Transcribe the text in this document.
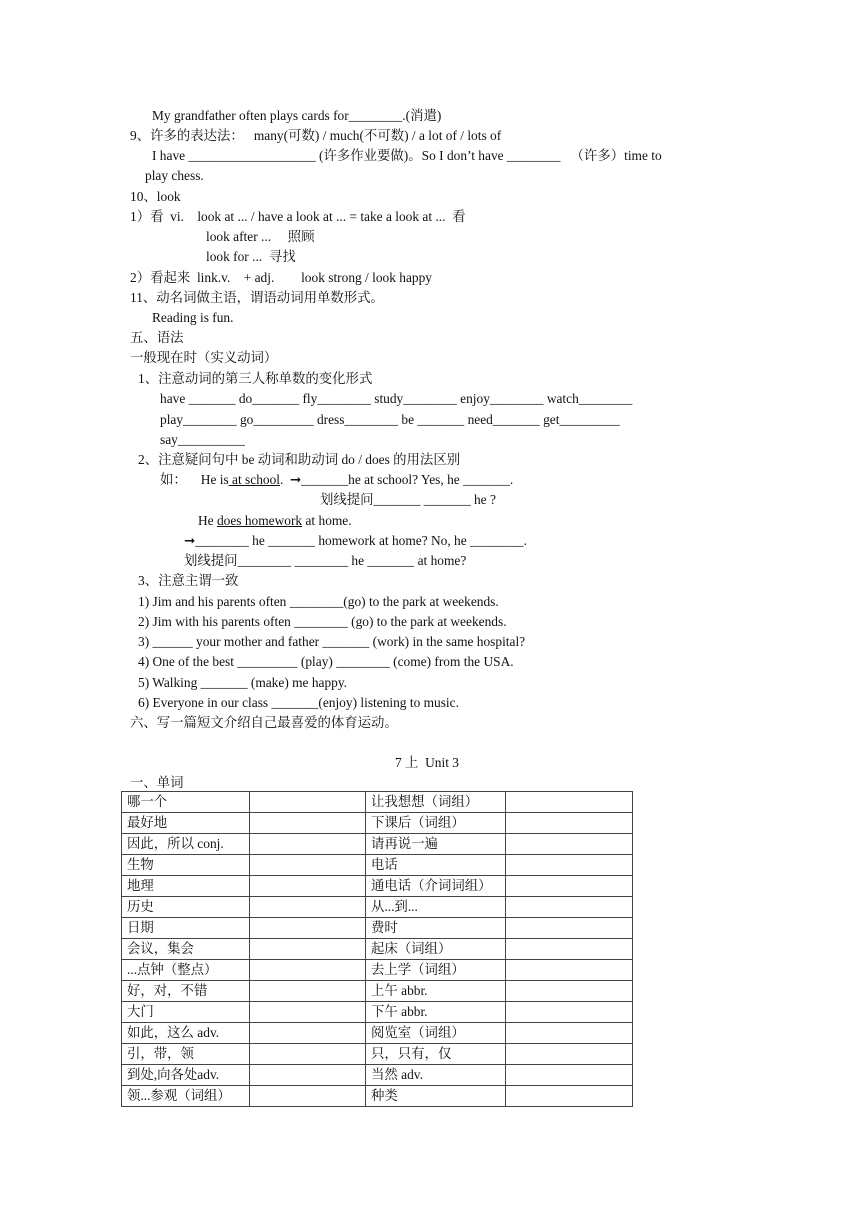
My grandfather often plays cards for________.(消遣)
9、许多的表达法：   many(可数) / much(不可数) / a lot of / lots of
I have ___________________ (许多作业要做)。So I don’t have ________   （许多）time to
play chess.
10、look
1）看  vi.    look at ... / have a look at ... = take a look at ...  看
look after ...     照顾
look for ...  寻找
2）看起来  link.v.    + adj.        look strong / look happy
11、动名词做主语，谓语动词用单数形式。
Reading is fun.
五、语法
一般现在时（实义动词）
1、注意动词的第三人称单数的变化形式
have _______ do_______ fly________ study________ enjoy________ watch________
play________ go_________ dress________ be _______ need_______ get_________
say__________
2、注意疑问句中 be 动词和助动词 do / does 的用法区别
如： He is at school.  ➞_______he at school? Yes, he _______.
划线提问_______ _______ he ?
He does homework at home.
➞________ he _______ homework at home? No, he ________.
划线提问________ ________ he _______ at home?
3、注意主谓一致
1) Jim and his parents often ________(go) to the park at weekends.
2) Jim with his parents often ________ (go) to the park at weekends.
3) ______ your mother and father _______ (work) in the same hospital?
4) One of the best _________ (play) ________ (come) from the USA.
5) Walking _______ (make) me happy.
6) Everyone in our class _______(enjoy) listening to music.
六、写一篇短文介绍自己最喜爱的体育运动。
7 上  Unit 3
一、单词
哪一个		让我想想（词组）	
最好地		下课后（词组）	
因此，所以 conj.		请再说一遍	
生物		电话	
地理		通电话（介词词组）	
历史		从...到...	
日期		费时	
会议，集会		起床（词组）	
...点钟（整点）		去上学（词组）	
好，对，不错		上午 abbr.	
大门		下午 abbr.	
如此，这么 adv.		阅览室（词组）	
引，带，领		只，只有，仅	
到处,向各处adv.		当然 adv.	
领...参观（词组）		种类	
